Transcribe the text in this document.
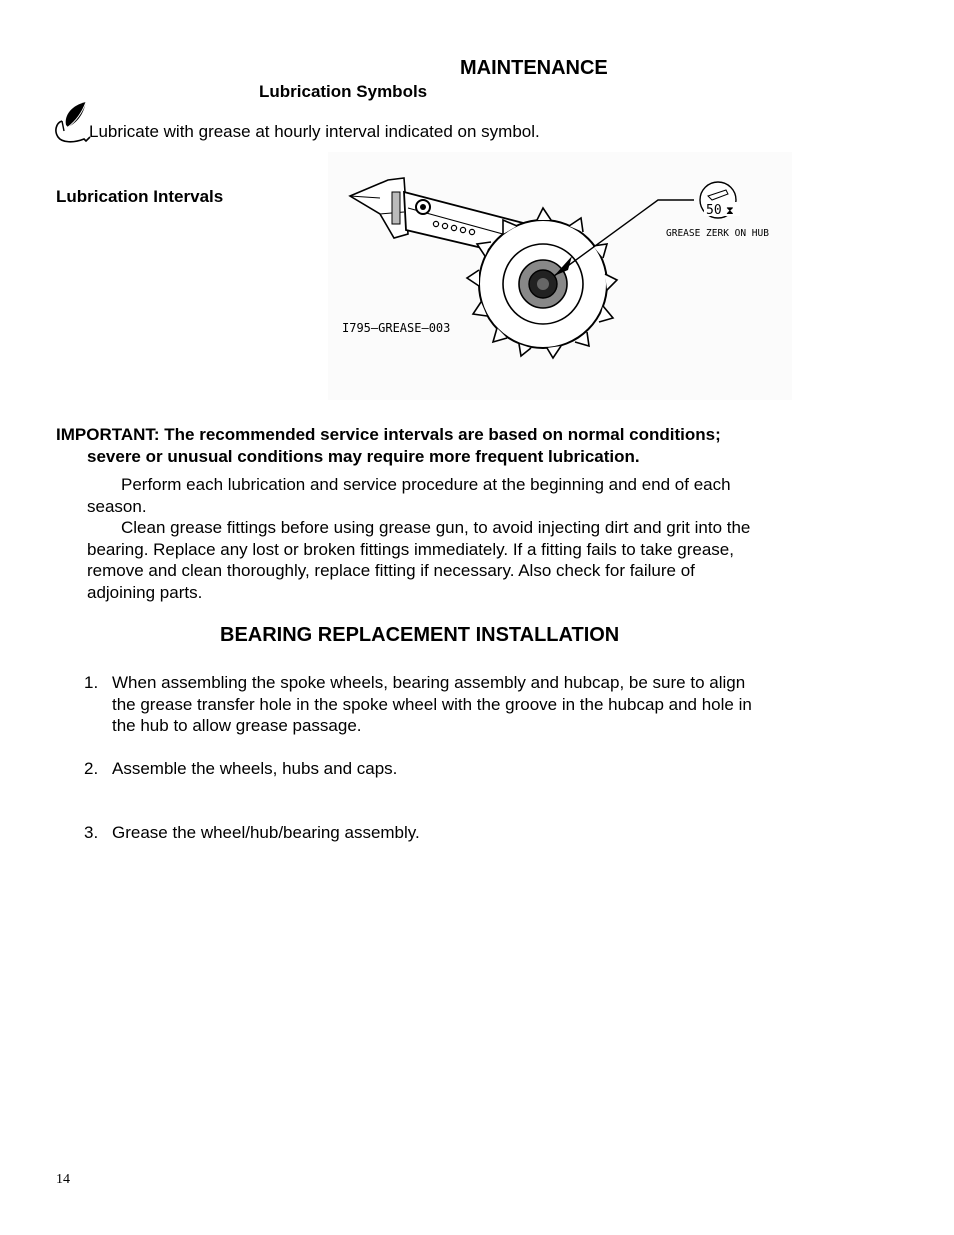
MAINTENANCE
Lubrication Symbols
Lubricate with grease at hourly interval indicated on symbol.
Lubrication Intervals
50 ⧗
GREASE ZERK ON HUB
I795—GREASE—003
IMPORTANT: The recommended service intervals are based on normal conditions;
severe or unusual conditions may require more frequent lubrication.
Perform each lubrication and service procedure at the beginning and end of each
season.
Clean grease fittings before using grease gun, to avoid injecting dirt and grit into the
bearing. Replace any lost or broken fittings immediately. If a fitting fails to take grease,
remove and clean thoroughly, replace fitting if necessary. Also check for failure of
adjoining parts.
BEARING REPLACEMENT INSTALLATION
1. When assembling the spoke wheels, bearing assembly and hubcap, be sure to align
the grease transfer hole in the spoke wheel with the groove in the hubcap and hole in
the hub to allow grease passage.
2. Assemble the wheels, hubs and caps.
3. Grease the wheel/hub/bearing assembly.
14
